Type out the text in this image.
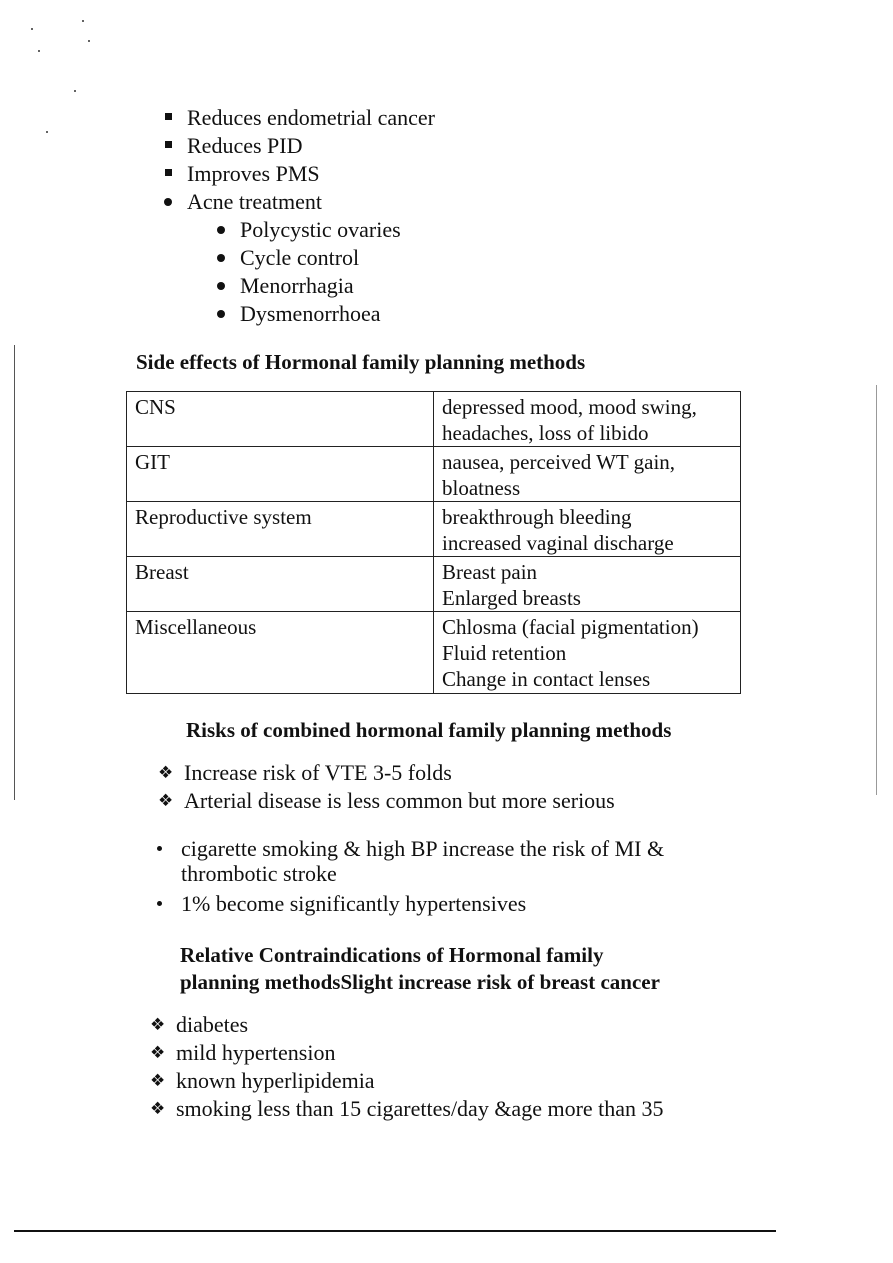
Reduces endometrial cancer
Reduces PID
Improves PMS
Acne treatment
Polycystic ovaries
Cycle control
Menorrhagia
Dysmenorrhoea
Side effects of Hormonal family planning methods
CNS	depressed mood, mood swing,
headaches, loss of libido

GIT	nausea, perceived WT gain,
bloatness

Reproductive system	breakthrough bleeding
increased vaginal discharge

Breast	Breast pain
Enlarged breasts

Miscellaneous	Chlosma (facial pigmentation)
Fluid retention
Change in contact lenses
Risks of combined hormonal family planning methods
❖ Increase risk of VTE 3-5 folds
❖ Arterial disease is less common but more serious
cigarette smoking & high BP increase the risk of MI &
thrombotic stroke
1% become significantly hypertensives
Relative Contraindications of Hormonal family
planning methodsSlight increase risk of breast cancer
❖ diabetes
❖ mild hypertension
❖ known hyperlipidemia
❖ smoking less than 15 cigarettes/day &age more than 35
